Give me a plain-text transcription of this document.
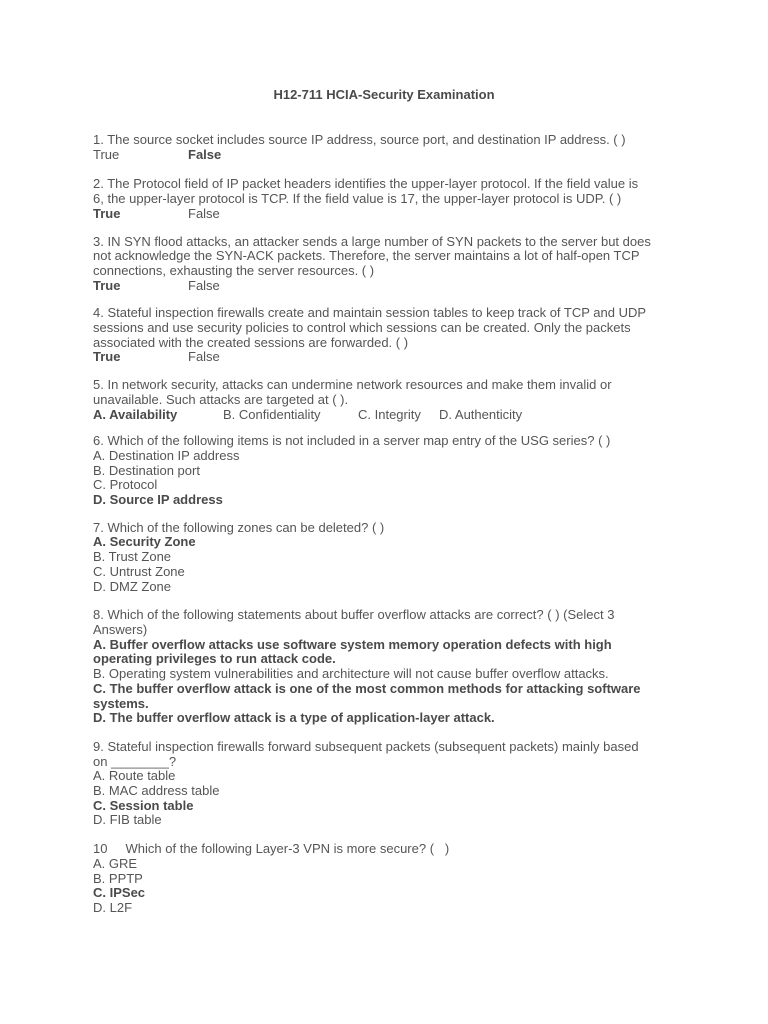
H12-711 HCIA-Security Examination
1. The source socket includes source IP address, source port, and destination IP address. ( )
True	False
2. The Protocol field of IP packet headers identifies the upper-layer protocol. If the field value is
6, the upper-layer protocol is TCP. If the field value is 17, the upper-layer protocol is UDP. ( )
True	False
3. IN SYN flood attacks, an attacker sends a large number of SYN packets to the server but does
not acknowledge the SYN-ACK packets. Therefore, the server maintains a lot of half-open TCP
connections, exhausting the server resources. ( )
True	False
4. Stateful inspection firewalls create and maintain session tables to keep track of TCP and UDP
sessions and use security policies to control which sessions can be created. Only the packets
associated with the created sessions are forwarded. ( )
True	False
5. In network security, attacks can undermine network resources and make them invalid or
unavailable. Such attacks are targeted at ( ).
A. Availability	B. Confidentiality	C. Integrity D. Authenticity
6. Which of the following items is not included in a server map entry of the USG series? ( )
A. Destination IP address
B. Destination port
C. Protocol
D. Source IP address
7. Which of the following zones can be deleted? ( )
A. Security Zone
B. Trust Zone
C. Untrust Zone
D. DMZ Zone
8. Which of the following statements about buffer overflow attacks are correct? ( ) (Select 3
Answers)
A. Buffer overflow attacks use software system memory operation defects with high
operating privileges to run attack code.
B. Operating system vulnerabilities and architecture will not cause buffer overflow attacks.
C. The buffer overflow attack is one of the most common methods for attacking software
systems.
D. The buffer overflow attack is a type of application-layer attack.
9. Stateful inspection firewalls forward subsequent packets (subsequent packets) mainly based
on ________?
A. Route table
B. MAC address table
C. Session table
D. FIB table
10     Which of the following Layer-3 VPN is more secure? (   )
A. GRE
B. PPTP
C. IPSec
D. L2F
